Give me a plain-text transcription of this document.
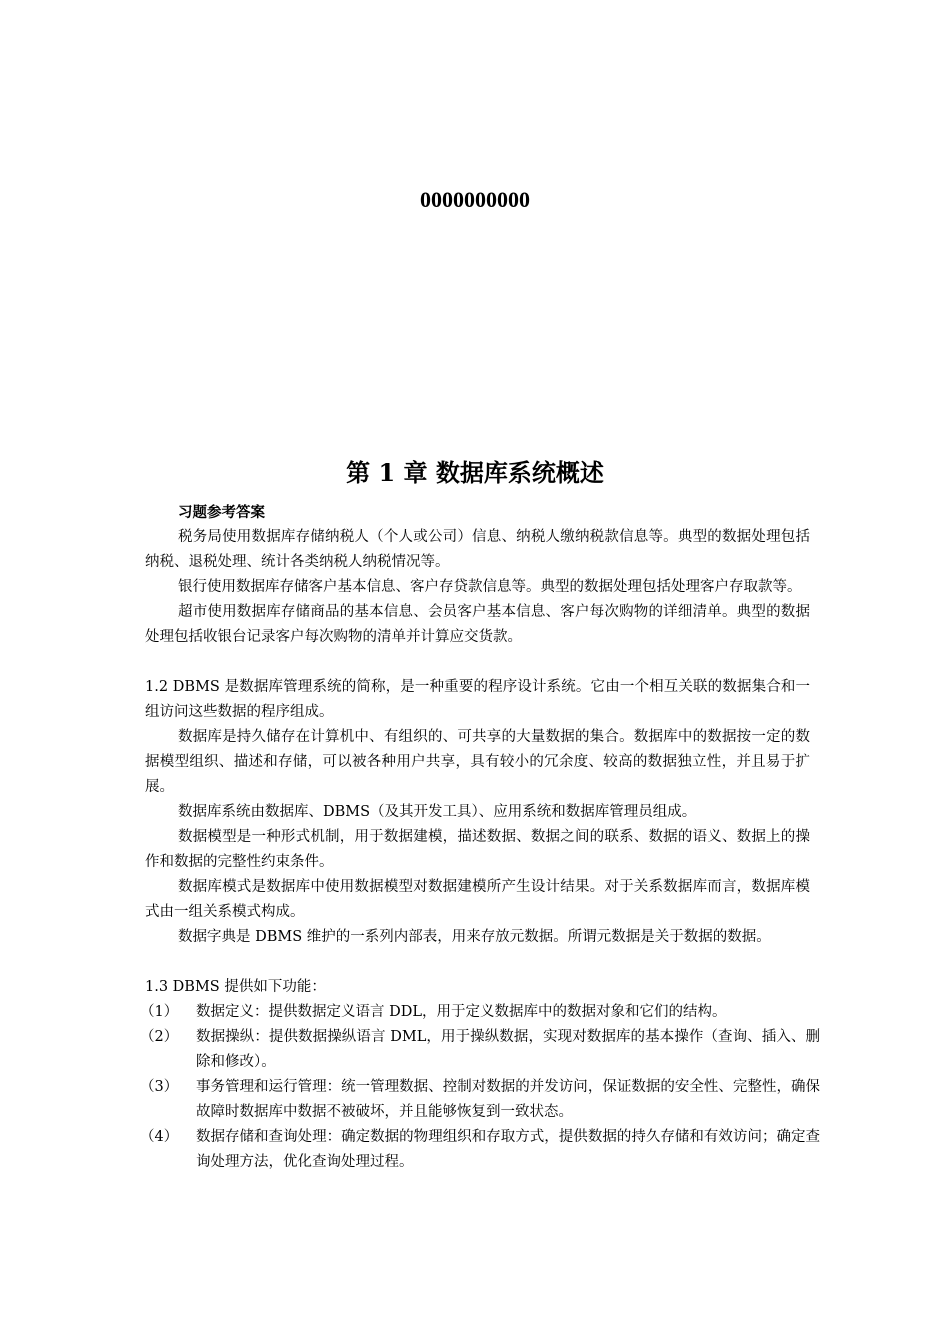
0000000000
第 1 章 数据库系统概述

习题参考答案

税务局使用数据库存储纳税人（个人或公司）信息、纳税人缴纳税款信息等。典型的数据处理包括纳税、退税处理、统计各类纳税人纳税情况等。

银行使用数据库存储客户基本信息、客户存贷款信息等。典型的数据处理包括处理客户存取款等。

超市使用数据库存储商品的基本信息、会员客户基本信息、客户每次购物的详细清单。典型的数据处理包括收银台记录客户每次购物的清单并计算应交货款。

1.2 DBMS 是数据库管理系统的简称，是一种重要的程序设计系统。它由一个相互关联的数据集合和一组访问这些数据的程序组成。

数据库是持久储存在计算机中、有组织的、可共享的大量数据的集合。数据库中的数据按一定的数据模型组织、描述和存储，可以被各种用户共享，具有较小的冗余度、较高的数据独立性，并且易于扩展。

数据库系统由数据库、DBMS（及其开发工具）、应用系统和数据库管理员组成。

数据模型是一种形式机制，用于数据建模，描述数据、数据之间的联系、数据的语义、数据上的操作和数据的完整性约束条件。

数据库模式是数据库中使用数据模型对数据建模所产生设计结果。对于关系数据库而言，数据库模式由一组关系模式构成。

数据字典是 DBMS 维护的一系列内部表，用来存放元数据。所谓元数据是关于数据的数据。

1.3 DBMS 提供如下功能：

（1）	数据定义：提供数据定义语言 DDL，用于定义数据库中的数据对象和它们的结构。
（2）	数据操纵：提供数据操纵语言 DML，用于操纵数据，实现对数据库的基本操作（查询、插入、删除和修改）。
（3）	事务管理和运行管理：统一管理数据、控制对数据的并发访问，保证数据的安全性、完整性，确保故障时数据库中数据不被破坏，并且能够恢复到一致状态。
（4）	数据存储和查询处理：确定数据的物理组织和存取方式，提供数据的持久存储和有效访问；确定查询处理方法，优化查询处理过程。
